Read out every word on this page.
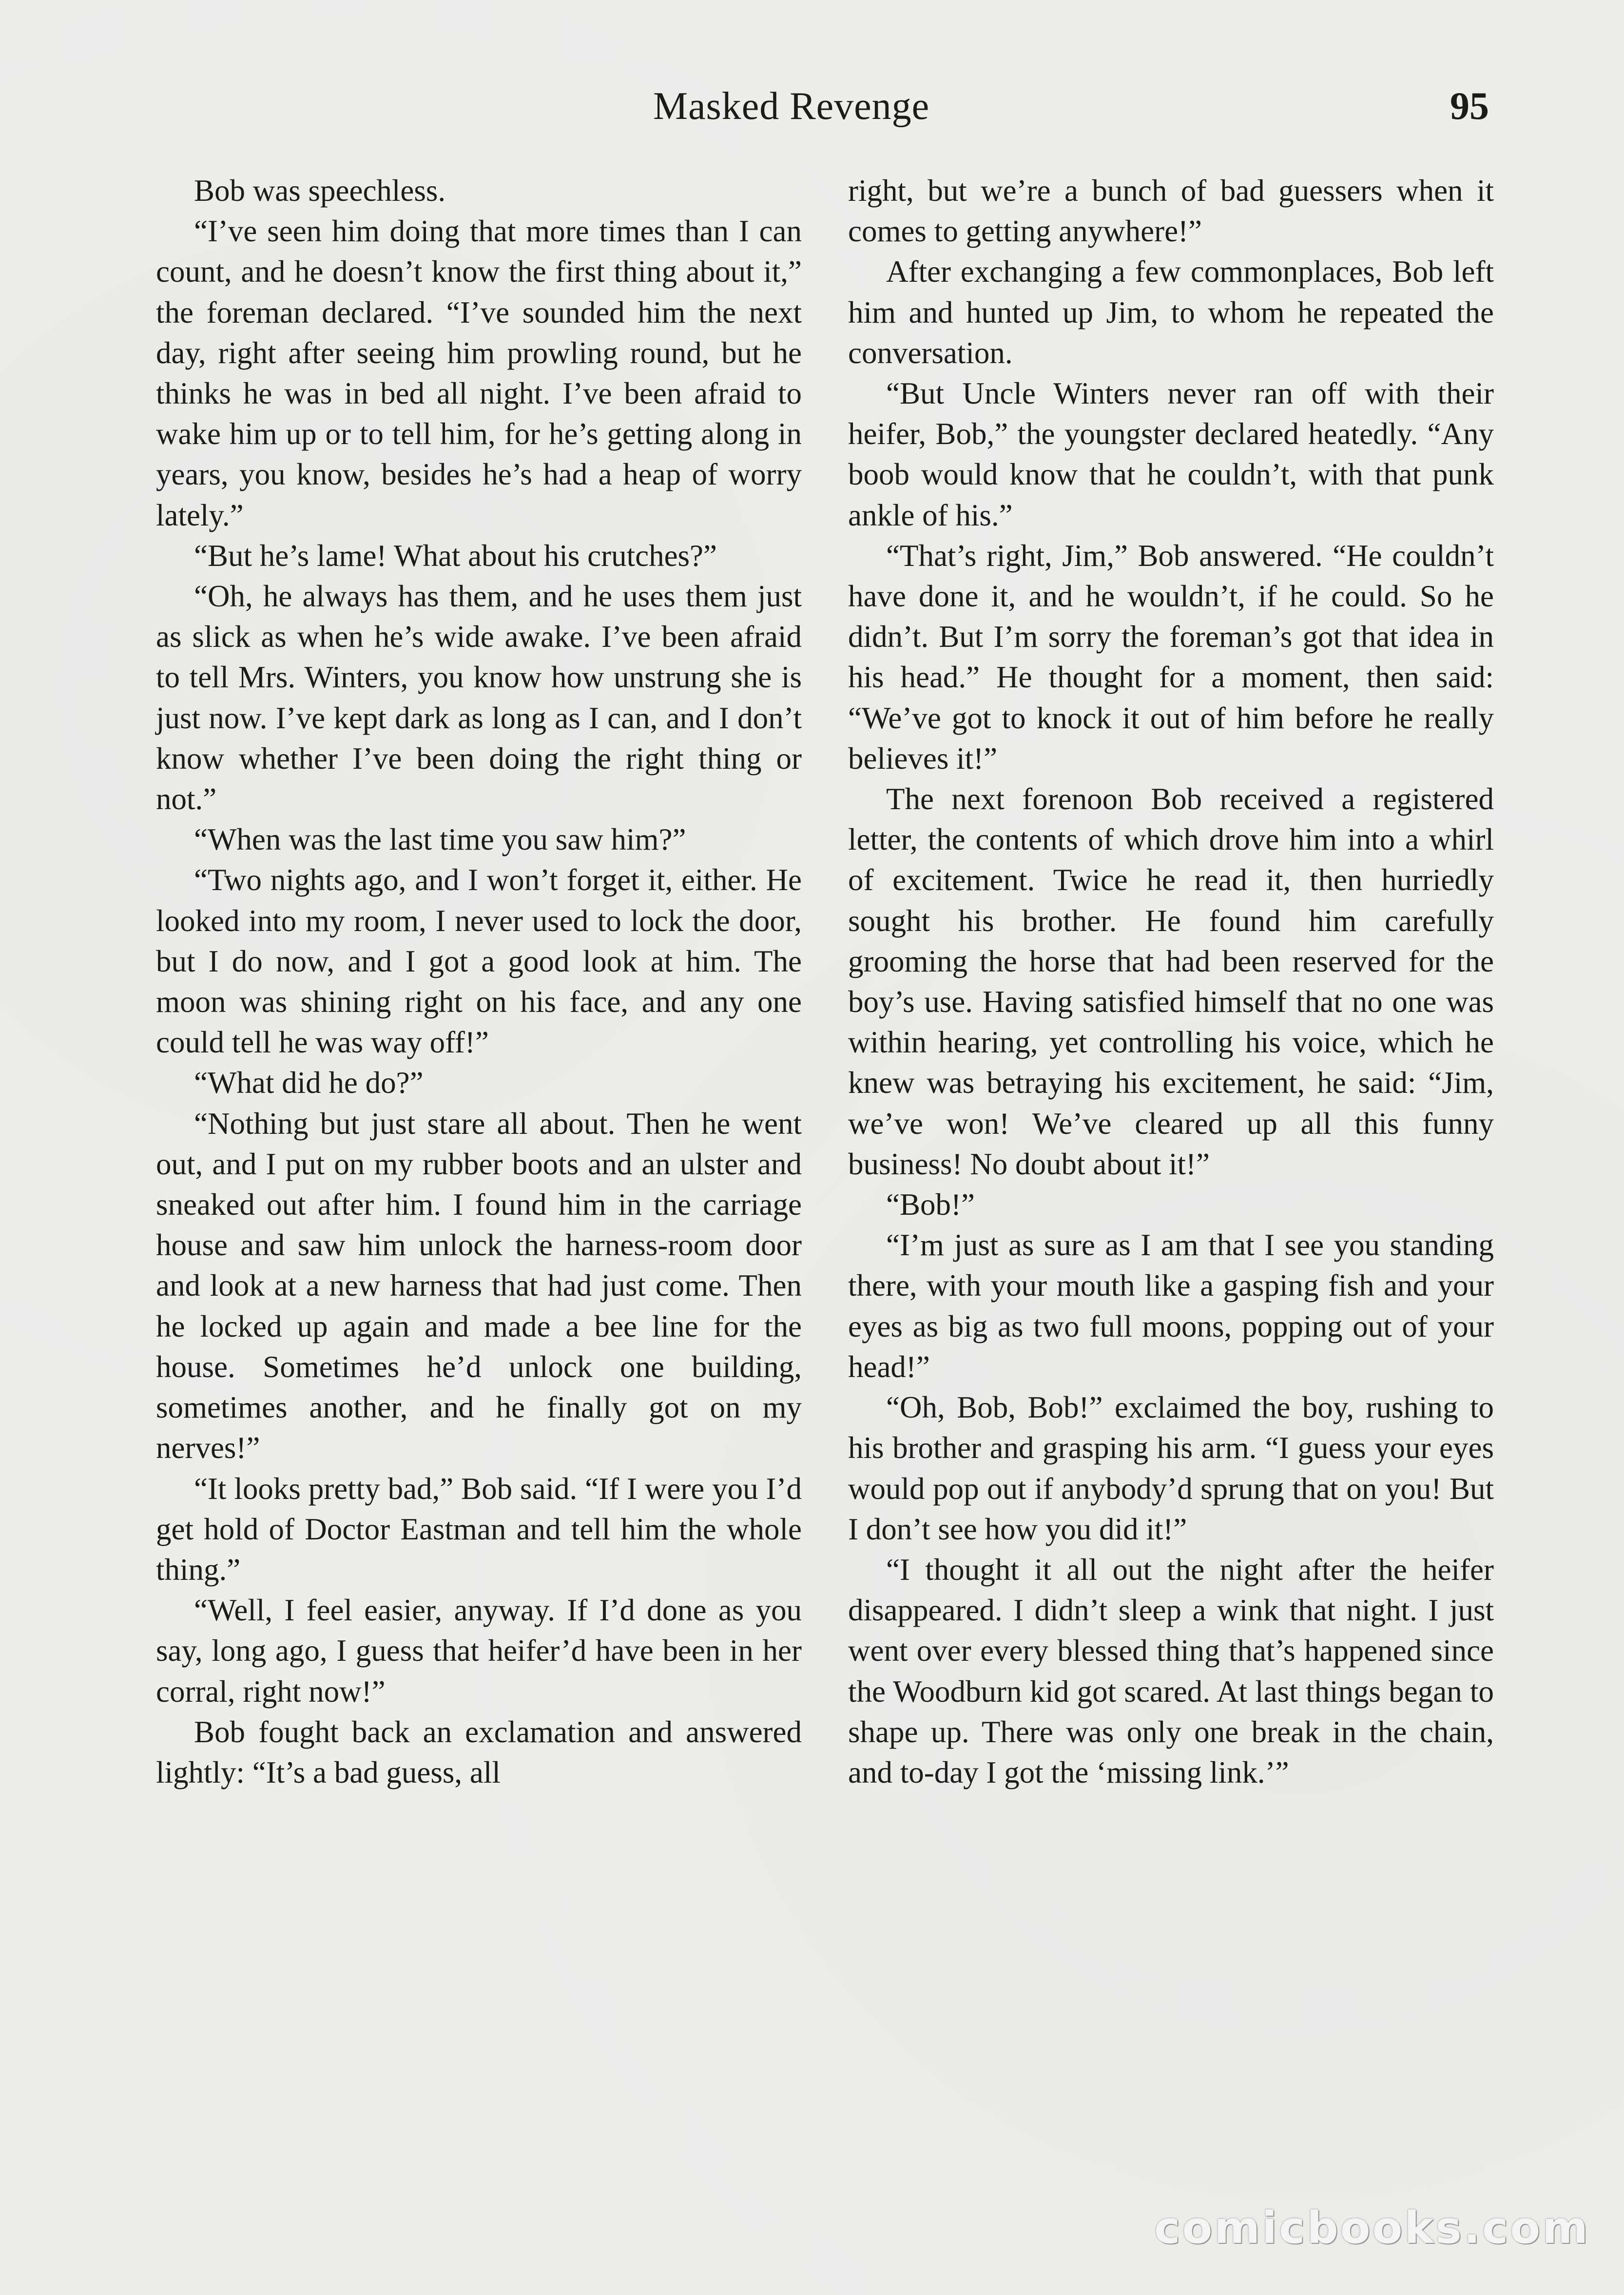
Masked Revenge	95

Bob was speechless.

“I’ve seen him doing that more times than I can count, and he doesn’t know the first thing about it,” the foreman declared. “I’ve sounded him the next day, right after seeing him prowling round, but he thinks he was in bed all night. I’ve been afraid to wake him up or to tell him, for he’s getting along in years, you know, besides he’s had a heap of worry lately.”

“But he’s lame! What about his crutches?”

“Oh, he always has them, and he uses them just as slick as when he’s wide awake. I’ve been afraid to tell Mrs. Winters, you know how unstrung she is just now. I’ve kept dark as long as I can, and I don’t know whether I’ve been doing the right thing or not.”

“When was the last time you saw him?”

“Two nights ago, and I won’t forget it, either. He looked into my room, I never used to lock the door, but I do now, and I got a good look at him. The moon was shining right on his face, and any one could tell he was way off!”

“What did he do?”

“Nothing but just stare all about. Then he went out, and I put on my rubber boots and an ulster and sneaked out after him. I found him in the carriage house and saw him unlock the harness-room door and look at a new harness that had just come. Then he locked up again and made a bee line for the house. Sometimes he’d unlock one building, sometimes another, and he finally got on my nerves!”

“It looks pretty bad,” Bob said. “If I were you I’d get hold of Doctor Eastman and tell him the whole thing.”

“Well, I feel easier, anyway. If I’d done as you say, long ago, I guess that heifer’d have been in her corral, right now!”

Bob fought back an exclamation and answered lightly: “It’s a bad guess, all

right, but we’re a bunch of bad guessers when it comes to getting anywhere!”

After exchanging a few commonplaces, Bob left him and hunted up Jim, to whom he repeated the conversation.

“But Uncle Winters never ran off with their heifer, Bob,” the youngster declared heatedly. “Any boob would know that he couldn’t, with that punk ankle of his.”

“That’s right, Jim,” Bob answered. “He couldn’t have done it, and he wouldn’t, if he could. So he didn’t. But I’m sorry the foreman’s got that idea in his head.” He thought for a moment, then said: “We’ve got to knock it out of him before he really believes it!”

The next forenoon Bob received a registered letter, the contents of which drove him into a whirl of excitement. Twice he read it, then hurriedly sought his brother. He found him carefully grooming the horse that had been reserved for the boy’s use. Having satisfied himself that no one was within hearing, yet controlling his voice, which he knew was betraying his excitement, he said: “Jim, we’ve won! We’ve cleared up all this funny business! No doubt about it!”

“Bob!”

“I’m just as sure as I am that I see you standing there, with your mouth like a gasping fish and your eyes as big as two full moons, popping out of your head!”

“Oh, Bob, Bob!” exclaimed the boy, rushing to his brother and grasping his arm. “I guess your eyes would pop out if anybody’d sprung that on you! But I don’t see how you did it!”

“I thought it all out the night after the heifer disappeared. I didn’t sleep a wink that night. I just went over every blessed thing that’s happened since the Woodburn kid got scared. At last things began to shape up. There was only one break in the chain, and to-day I got the ‘missing link.’”

comicbooks.com
